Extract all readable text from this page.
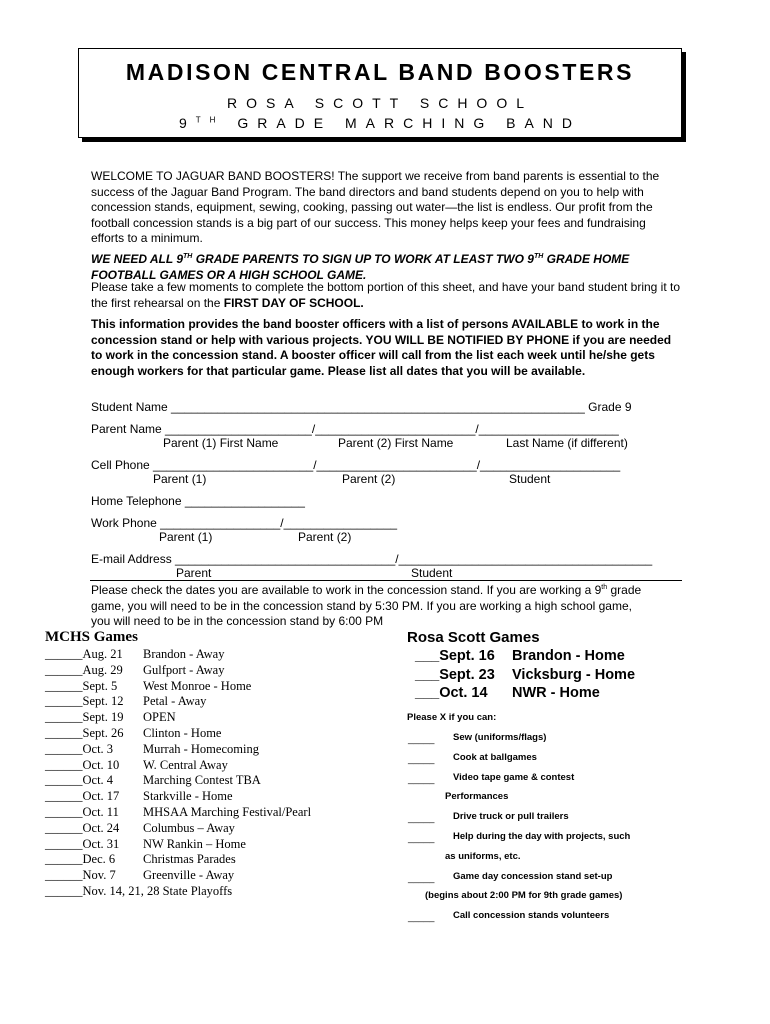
MADISON CENTRAL BAND BOOSTERS
ROSA SCOTT SCHOOL
9TH GRADE MARCHING BAND
WELCOME TO JAGUAR BAND BOOSTERS! The support we receive from band parents is essential to the success of the Jaguar Band Program. The band directors and band students depend on you to help with concession stands, equipment, sewing, cooking, passing out water—the list is endless. Our profit from the football concession stands is a big part of our success. This money helps keep your fees and fundraising efforts to a minimum.
WE NEED ALL 9TH GRADE PARENTS TO SIGN UP TO WORK AT LEAST TWO 9TH GRADE HOME FOOTBALL GAMES OR A HIGH SCHOOL GAME.
Please take a few moments to complete the bottom portion of this sheet, and have your band student bring it to the first rehearsal on the FIRST DAY OF SCHOOL.
This information provides the band booster officers with a list of persons AVAILABLE to work in the concession stand or help with various projects. YOU WILL BE NOTIFIED BY PHONE if you are needed to work in the concession stand. A booster officer will call from the list each week until he/she gets enough workers for that particular game. Please list all dates that you will be available.
Student Name ______________________________________________________________ Grade 9
Parent Name ______________________/________________________/_____________________
Parent (1) First Name	Parent (2) First Name	Last Name (if different)
Cell Phone ________________________/________________________/_____________________
Parent (1)	Parent (2)	Student
Home Telephone __________________
Work Phone __________________/_________________
Parent (1)	Parent (2)
E-mail Address _________________________________/______________________________________
Parent	Student
Please check the dates you are available to work in the concession stand. If you are working a 9th grade
game, you will need to be in the concession stand by 5:30 PM. If you are working a high school game,
you will need to be in the concession stand by 6:00 PM
MCHS Games
______Aug. 21 Brandon - Away
______Aug. 29 Gulfport - Away
______Sept. 5 West Monroe - Home
______Sept. 12 Petal - Away
______Sept. 19 OPEN
______Sept. 26 Clinton - Home
______Oct. 3 Murrah - Homecoming
______Oct. 10 W. Central Away
______Oct. 4 Marching Contest TBA
______Oct. 17 Starkville - Home
______Oct. 11 MHSAA Marching Festival/Pearl
______Oct. 24 Columbus – Away
______Oct. 31 NW Rankin – Home
______Dec. 6 Christmas Parades
______Nov. 7 Greenville - Away
______Nov. 14, 21, 28 State Playoffs
Rosa Scott Games
___Sept. 16 Brandon - Home
___Sept. 23 Vicksburg - Home
___Oct. 14 NWR - Home
Please X if you can:
_____ Sew (uniforms/flags)
_____ Cook at ballgames
_____ Video tape game & contest
Performances
_____ Drive truck or pull trailers
_____ Help during the day with projects, such
as uniforms, etc.
_____ Game day concession stand set-up
(begins about 2:00 PM for 9th grade games)
_____ Call concession stands volunteers
